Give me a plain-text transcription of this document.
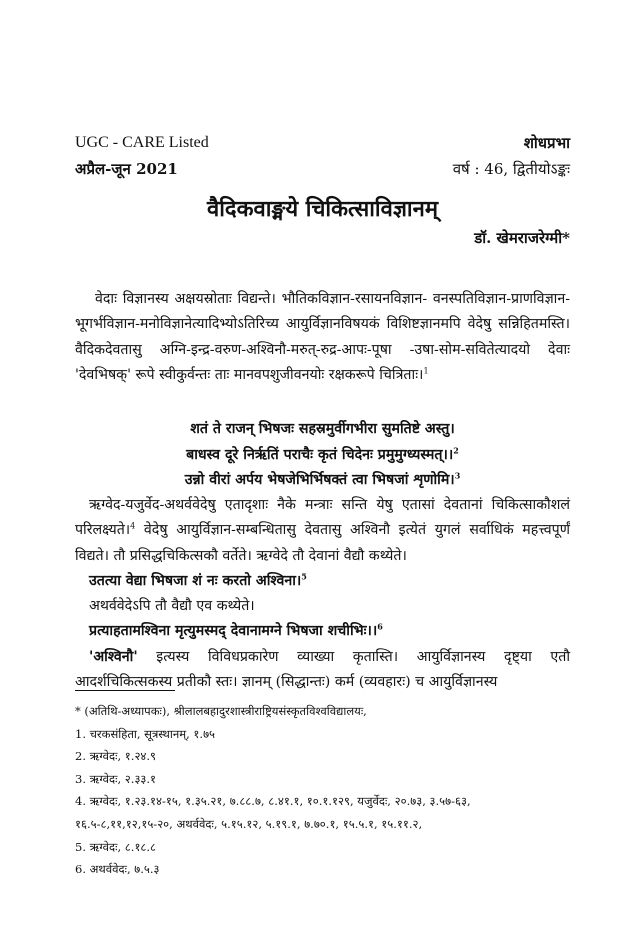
UGC - CARE Listed	शोधप्रभा
अप्रैल-जून 2021	वर्ष : 46, द्वितीयोऽङ्कः
वैदिकवाङ्मये चिकित्साविज्ञानम्
डॉ. खेमराजरेग्मी*

वेदाः विज्ञानस्य अक्षयस्रोताः विद्यन्ते। भौतिकविज्ञान-रसायनविज्ञान- वनस्पतिविज्ञान-प्राणविज्ञान- भूगर्भविज्ञान-मनोविज्ञानेत्यादिभ्योऽतिरिच्य आयुर्विज्ञानविषयकं विशिष्टज्ञानमपि वेदेषु सन्निहितमस्ति। वैदिकदेवतासु अग्नि-इन्द्र-वरुण-अश्विनौ-मरुत्-रुद्र-आपः-पूषा -उषा-सोम-सवितेत्यादयो देवाः 'देवभिषक्' रूपे स्वीकुर्वन्तः ताः मानवपशुजीवनयोः रक्षकरूपे चित्रिताः।$^1$

शतं ते राजन् भिषजः सहस्रमुर्वीगभीरा सुमतिष्टे अस्तु।
बाधस्व दूरे निर्ऋतिं पराचैः कृतं चिदेनः प्रमुमुग्ध्यस्मत्।।$^2$
उन्नो वीरां अर्पय भेषजेभिर्भिषक्तं त्वा भिषजां शृणोमि।$^3$

ऋग्वेद-यजुर्वेद-अथर्ववेदेषु एतादृशाः नैके मन्त्राः सन्ति येषु एतासां देवतानां चिकित्साकौशलं परिलक्ष्यते।$^4$ वेदेषु आयुर्विज्ञान-सम्बन्धितासु देवतासु अश्विनौ इत्येतं युगलं सर्वाधिकं महत्त्वपूर्णं विद्यते। तौ प्रसिद्धचिकित्सकौ वर्तेते। ऋग्वेदे तौ देवानां वैद्यौ कथ्येते।

उतत्या वेद्या भिषजा शं नः करतो अश्विना।$^5$

अथर्ववेदेऽपि तौ वैद्यौ एव कथ्येते।

प्रत्याहतामश्विना मृत्युमस्मद् देवानामग्ने भिषजा शचीभिः।।$^6$

'अश्विनौ' इत्यस्य विविधप्रकारेण व्याख्या कृतास्ति। आयुर्विज्ञानस्य दृष्ट्या एतौ आदर्शचिकित्सकस्य प्रतीकौ स्तः। ज्ञानम् (सिद्धान्तः) कर्म (व्यवहारः) च आयुर्विज्ञानस्य

* (अतिथि-अध्यापकः), श्रीलालबहादुरशास्त्रीराष्ट्रियसंस्कृतविश्वविद्यालयः,
1. चरकसंहिता, सूत्रस्थानम्, १.७५
2. ऋग्वेदः, १.२४.९
3. ऋग्वेदः, २.३३.१
4. ऋग्वेदः, १.२३.१४-१५, १.३५.२१, ७.८८.७, ८.४१.१, १०.१.१२९, यजुर्वेदः, २०.७३, ३.५७-६३,
१६.५-८,११,१२,१५-२०, अथर्ववेदः, ५.१५.१२, ५.१९.१, ७.७०.१, १५.५.१, १५.११.२,
5. ऋग्वेदः, ८.१८.८
6. अथर्ववेदः, ७.५.३
